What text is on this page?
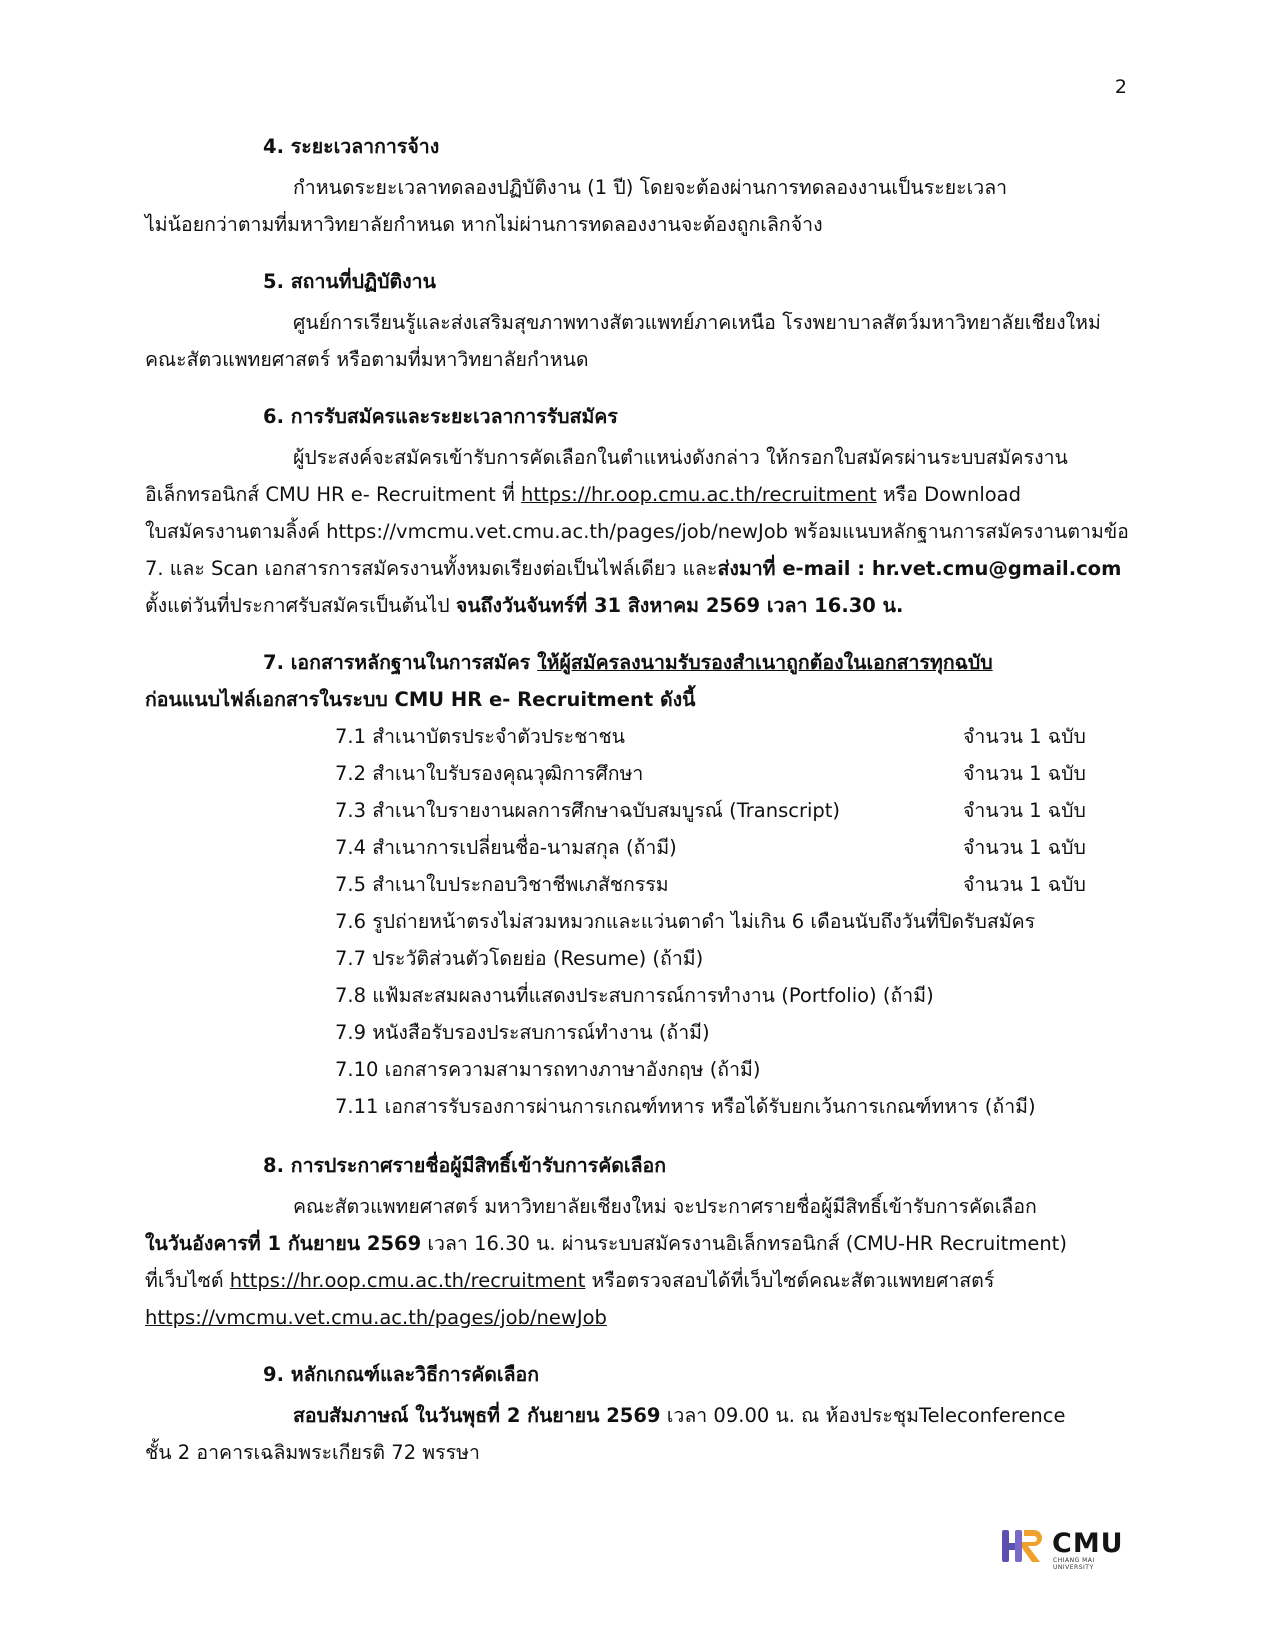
2
4. ระยะเวลาการจ้าง
กำหนดระยะเวลาทดลองปฏิบัติงาน (1 ปี) โดยจะต้องผ่านการทดลองงานเป็นระยะเวลา
ไม่น้อยกว่าตามที่มหาวิทยาลัยกำหนด หากไม่ผ่านการทดลองงานจะต้องถูกเลิกจ้าง
5. สถานที่ปฏิบัติงาน
ศูนย์การเรียนรู้และส่งเสริมสุขภาพทางสัตวแพทย์ภาคเหนือ โรงพยาบาลสัตว์มหาวิทยาลัยเชียงใหม่
คณะสัตวแพทยศาสตร์ หรือตามที่มหาวิทยาลัยกำหนด
6. การรับสมัครและระยะเวลาการรับสมัคร
ผู้ประสงค์จะสมัครเข้ารับการคัดเลือกในตำแหน่งดังกล่าว ให้กรอกใบสมัครผ่านระบบสมัครงาน
อิเล็กทรอนิกส์ CMU HR e- Recruitment ที่ https://hr.oop.cmu.ac.th/recruitment หรือ Download
ใบสมัครงานตามลิ้งค์ https://vmcmu.vet.cmu.ac.th/pages/job/newJob พร้อมแนบหลักฐานการสมัครงานตามข้อ
7. และ Scan เอกสารการสมัครงานทั้งหมดเรียงต่อเป็นไฟล์เดียว และส่งมาที่ e-mail : hr.vet.cmu@gmail.com
ตั้งแต่วันที่ประกาศรับสมัครเป็นต้นไป จนถึงวันจันทร์ที่ 31 สิงหาคม 2569 เวลา 16.30 น.
7. เอกสารหลักฐานในการสมัคร ให้ผู้สมัครลงนามรับรองสำเนาถูกต้องในเอกสารทุกฉบับ
ก่อนแนบไฟล์เอกสารในระบบ CMU HR e- Recruitment ดังนี้
7.1 สำเนาบัตรประจำตัวประชาชน	จำนวน 1 ฉบับ
7.2 สำเนาใบรับรองคุณวุฒิการศึกษา	จำนวน 1 ฉบับ
7.3 สำเนาใบรายงานผลการศึกษาฉบับสมบูรณ์ (Transcript)	จำนวน 1 ฉบับ
7.4 สำเนาการเปลี่ยนชื่อ-นามสกุล (ถ้ามี)	จำนวน 1 ฉบับ
7.5 สำเนาใบประกอบวิชาชีพเภสัชกรรม	จำนวน 1 ฉบับ
7.6 รูปถ่ายหน้าตรงไม่สวมหมวกและแว่นตาดำ ไม่เกิน 6 เดือนนับถึงวันที่ปิดรับสมัคร
7.7 ประวัติส่วนตัวโดยย่อ (Resume) (ถ้ามี)
7.8 แฟ้มสะสมผลงานที่แสดงประสบการณ์การทำงาน (Portfolio) (ถ้ามี)
7.9 หนังสือรับรองประสบการณ์ทำงาน (ถ้ามี)
7.10 เอกสารความสามารถทางภาษาอังกฤษ (ถ้ามี)
7.11 เอกสารรับรองการผ่านการเกณฑ์ทหาร หรือได้รับยกเว้นการเกณฑ์ทหาร (ถ้ามี)
8. การประกาศรายชื่อผู้มีสิทธิ์เข้ารับการคัดเลือก
คณะสัตวแพทยศาสตร์ มหาวิทยาลัยเชียงใหม่ จะประกาศรายชื่อผู้มีสิทธิ์เข้ารับการคัดเลือก
ในวันอังคารที่ 1 กันยายน 2569 เวลา 16.30 น. ผ่านระบบสมัครงานอิเล็กทรอนิกส์ (CMU-HR Recruitment)
ที่เว็บไซต์ https://hr.oop.cmu.ac.th/recruitment หรือตรวจสอบได้ที่เว็บไซต์คณะสัตวแพทยศาสตร์
https://vmcmu.vet.cmu.ac.th/pages/job/newJob
9. หลักเกณฑ์และวิธีการคัดเลือก
สอบสัมภาษณ์ ในวันพุธที่ 2 กันยายน 2569 เวลา 09.00 น. ณ ห้องประชุมTeleconference
ชั้น 2 อาคารเฉลิมพระเกียรติ 72 พรรษา
CMU
CHIANG MAI UNIVERSITY
